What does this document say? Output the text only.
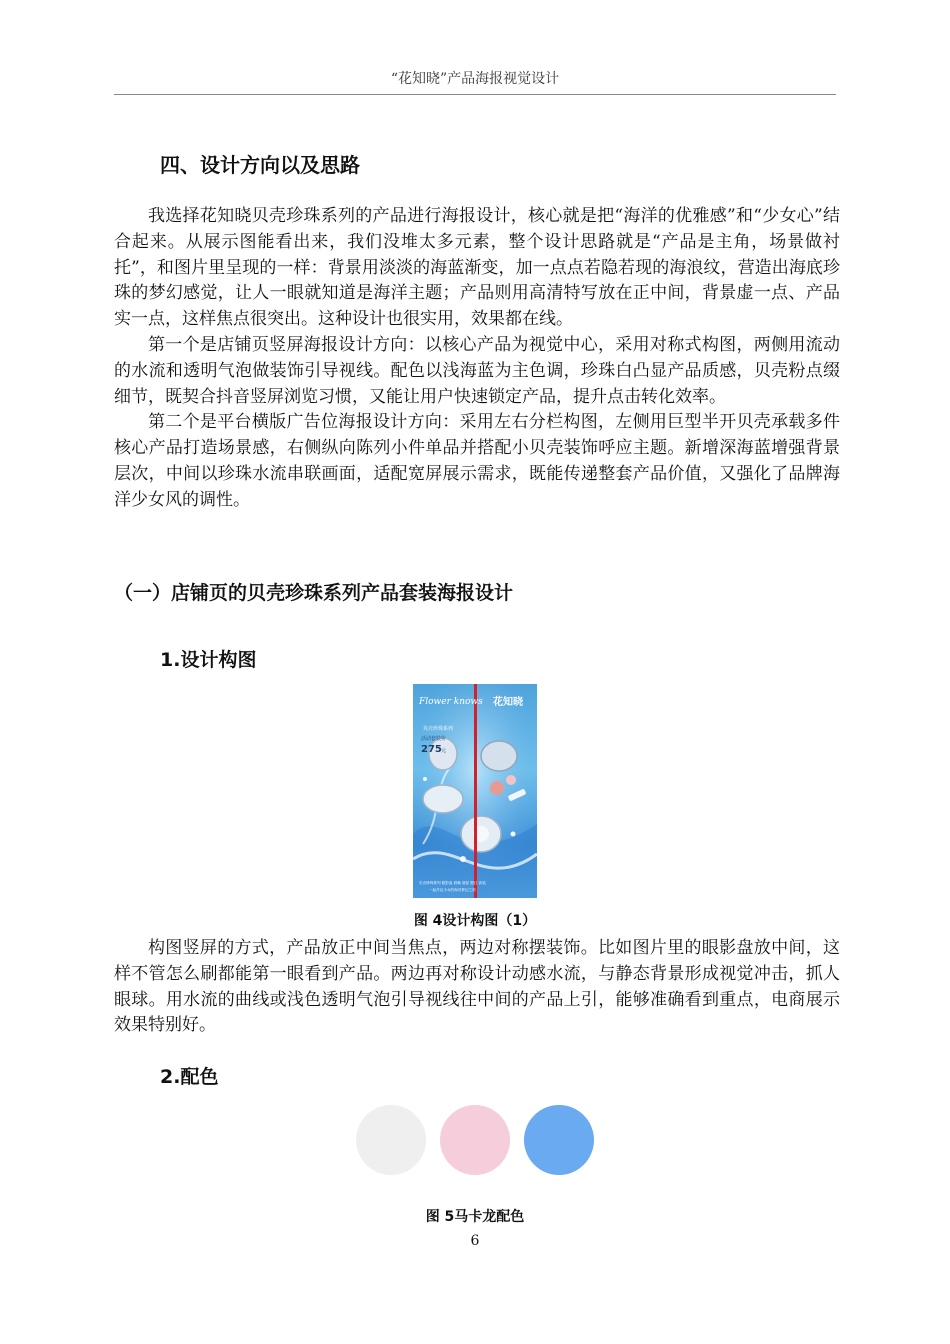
“花知晓”产品海报视觉设计
四、设计方向以及思路

我选择花知晓贝壳珍珠系列的产品进行海报设计，核心就是把“海洋的优雅感”和“少女心”结合起来。从展示图能看出来，我们没堆太多元素，整个设计思路就是“产品是主角，场景做衬托”，和图片里呈现的一样：背景用淡淡的海蓝渐变，加一点点若隐若现的海浪纹，营造出海底珍珠的梦幻感觉，让人一眼就知道是海洋主题；产品则用高清特写放在正中间，背景虚一点、产品实一点，这样焦点很突出。这种设计也很实用，效果都在线。

第一个是店铺页竖屏海报设计方向：以核心产品为视觉中心，采用对称式构图，两侧用流动的水流和透明气泡做装饰引导视线。配色以浅海蓝为主色调，珍珠白凸显产品质感，贝壳粉点缀细节，既契合抖音竖屏浏览习惯，又能让用户快速锁定产品，提升点击转化效率。

第二个是平台横版广告位海报设计方向：采用左右分栏构图，左侧用巨型半开贝壳承载多件核心产品打造场景感，右侧纵向陈列小件单品并搭配小贝壳装饰呼应主题。新增深海蓝增强背景层次，中间以珍珠水流串联画面，适配宽屏展示需求，既能传递整套产品价值，又强化了品牌海洋少女风的调性。

（一）店铺页的贝壳珍珠系列产品套装海报设计
1.设计构图
Flower knows 花知晓
贝壳珍珠系列
活动套装价
275 元
贝壳珍珠系列 眼影盘 唇釉 唇泥 腮红 套装
一起开启少女的海洋梦幻之旅
图 4设计构图（1）

构图竖屏的方式，产品放正中间当焦点，两边对称摆装饰。比如图片里的眼影盘放中间，这样不管怎么刷都能第一眼看到产品。两边再对称设计动感水流，与静态背景形成视觉冲击，抓人眼球。用水流的曲线或浅色透明气泡引导视线往中间的产品上引，能够准确看到重点，电商展示效果特别好。

2.配色
图 5马卡龙配色
6
